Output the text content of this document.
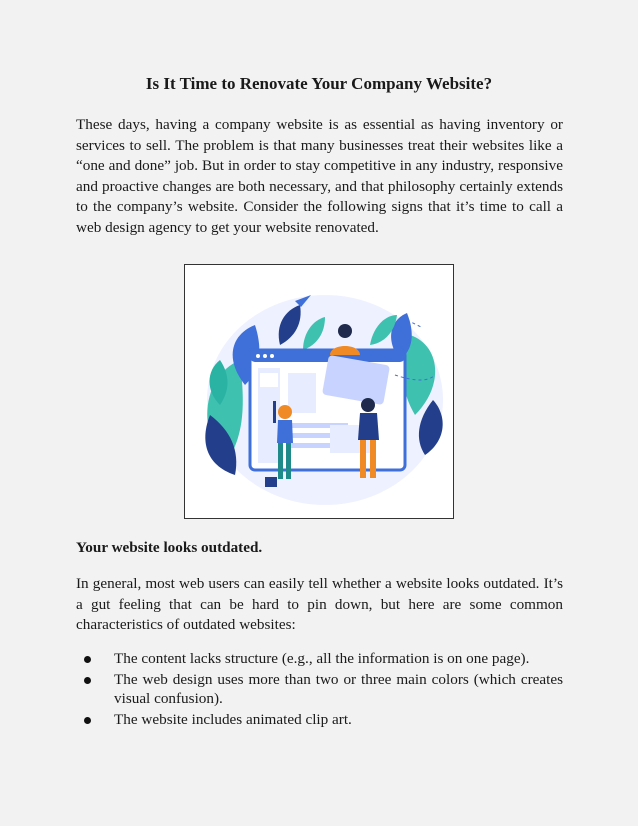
Is It Time to Renovate Your Company Website?

These days, having a company website is as essential as having inventory or services to sell. The problem is that many businesses treat their websites like a “one and done” job. But in order to stay competitive in any industry, responsive and proactive changes are both necessary, and that philosophy certainly extends to the company’s website. Consider the following signs that it’s time to call a web design agency to get your website renovated.

Your website looks outdated.

In general, most web users can easily tell whether a website looks outdated. It’s a gut feeling that can be hard to pin down, but here are some common characteristics of outdated websites:

The content lacks structure (e.g., all the information is on one page).
The web design uses more than two or three main colors (which creates visual confusion).
The website includes animated clip art.
